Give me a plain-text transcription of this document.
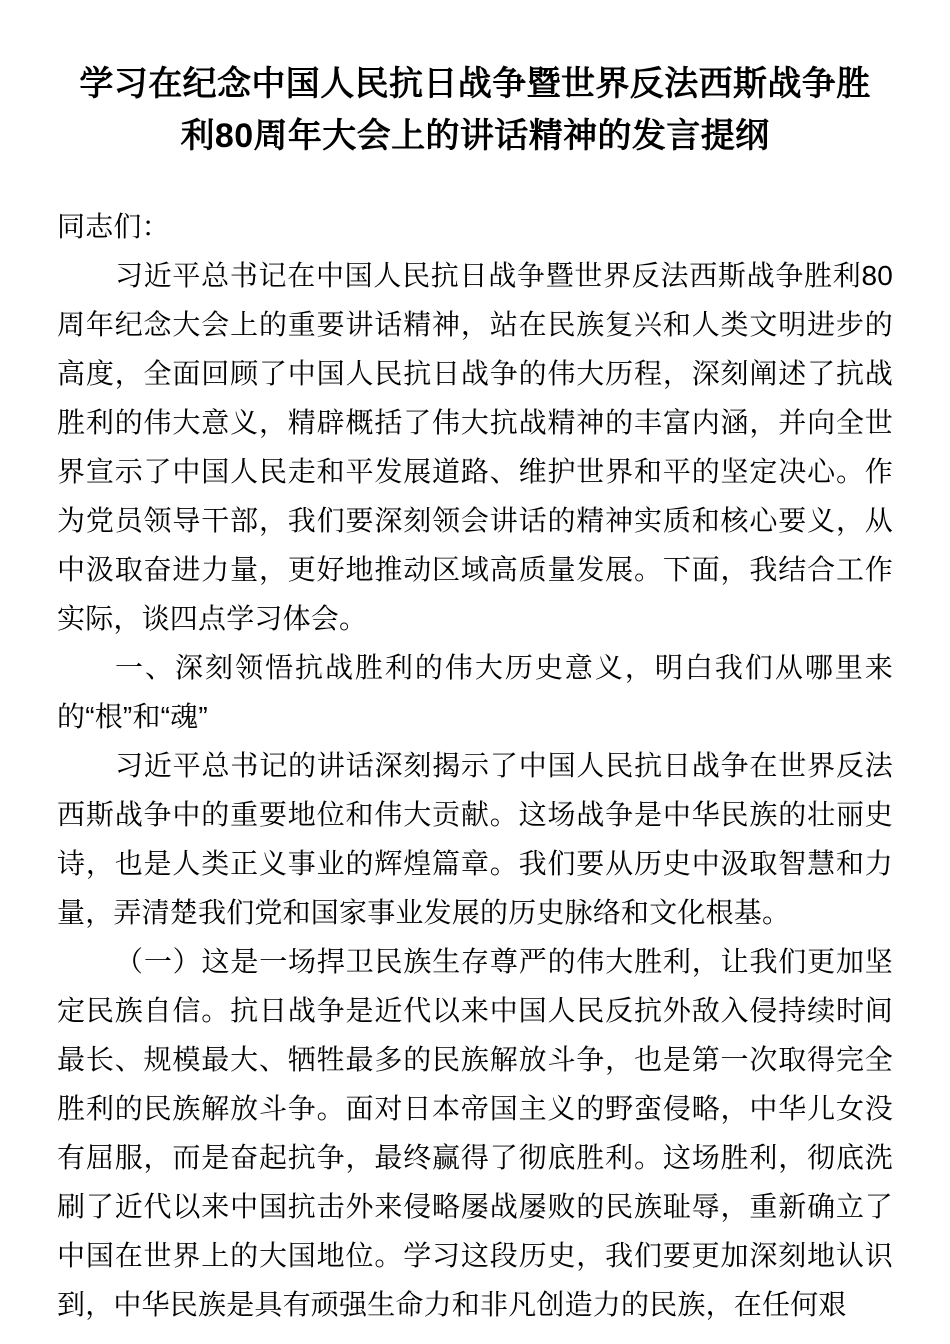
学习在纪念中国人民抗日战争暨世界反法西斯战争胜利80周年大会上的讲话精神的发言提纲

同志们：

习近平总书记在中国人民抗日战争暨世界反法西斯战争胜利80周年纪念大会上的重要讲话精神，站在民族复兴和人类文明进步的高度，全面回顾了中国人民抗日战争的伟大历程，深刻阐述了抗战胜利的伟大意义，精辟概括了伟大抗战精神的丰富内涵，并向全世界宣示了中国人民走和平发展道路、维护世界和平的坚定决心。作为党员领导干部，我们要深刻领会讲话的精神实质和核心要义，从中汲取奋进力量，更好地推动区域高质量发展。下面，我结合工作实际，谈四点学习体会。

一、深刻领悟抗战胜利的伟大历史意义，明白我们从哪里来的“根”和“魂”

习近平总书记的讲话深刻揭示了中国人民抗日战争在世界反法西斯战争中的重要地位和伟大贡献。这场战争是中华民族的壮丽史诗，也是人类正义事业的辉煌篇章。我们要从历史中汲取智慧和力量，弄清楚我们党和国家事业发展的历史脉络和文化根基。

（一）这是一场捍卫民族生存尊严的伟大胜利，让我们更加坚定民族自信。抗日战争是近代以来中国人民反抗外敌入侵持续时间最长、规模最大、牺牲最多的民族解放斗争，也是第一次取得完全胜利的民族解放斗争。面对日本帝国主义的野蛮侵略，中华儿女没有屈服，而是奋起抗争，最终赢得了彻底胜利。这场胜利，彻底洗刷了近代以来中国抗击外来侵略屡战屡败的民族耻辱，重新确立了中国在世界上的大国地位。学习这段历史，我们要更加深刻地认识到，中华民族是具有顽强生命力和非凡创造力的民族，在任何艰
